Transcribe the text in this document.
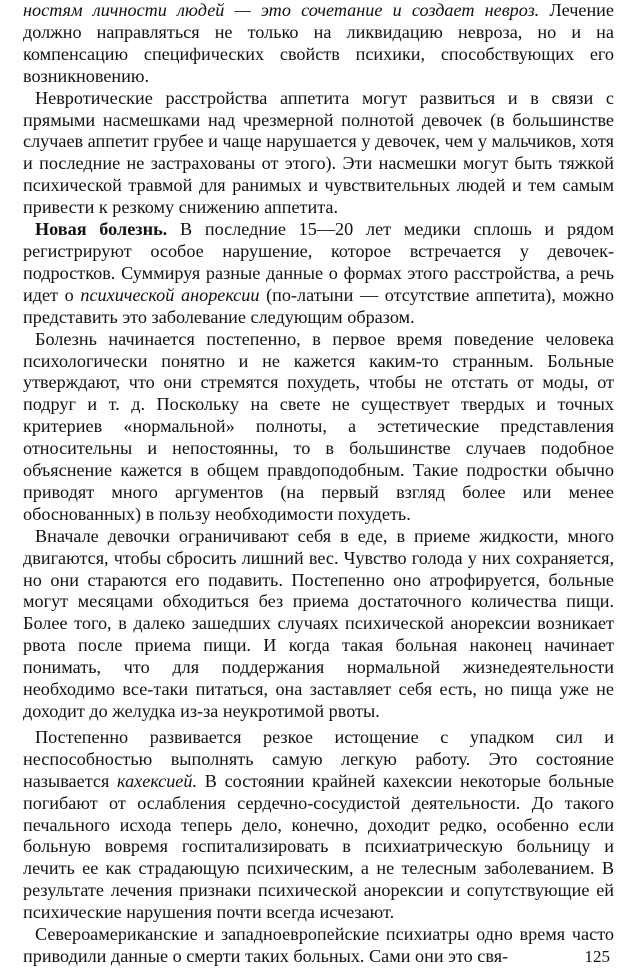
ностям личности людей — это сочетание и создает невроз. Лечение должно направляться не только на ликвидацию невроза, но и на компенсацию специфических свойств психики, способствующих его возникновению.

Невротические расстройства аппетита могут развиться и в связи с прямыми насмешками над чрезмерной полнотой девочек (в большинстве случаев аппетит грубее и чаще нарушается у девочек, чем у мальчиков, хотя и последние не застрахованы от этого). Эти насмешки могут быть тяжкой психической травмой для ранимых и чувствительных людей и тем самым привести к резкому снижению аппетита.

Новая болезнь. В последние 15—20 лет медики сплошь и рядом регистрируют особое нарушение, которое встречается у девочек-подростков. Суммируя разные данные о формах этого расстройства, а речь идет о психической анорексии (по-латыни — отсутствие аппетита), можно представить это заболевание следующим образом.

Болезнь начинается постепенно, в первое время поведение человека психологически понятно и не кажется каким-то странным. Больные утверждают, что они стремятся похудеть, чтобы не отстать от моды, от подруг и т. д. Поскольку на свете не существует твердых и точных критериев «нормальной» полноты, а эстетические представления относительны и непостоянны, то в большинстве случаев подобное объяснение кажется в общем правдоподобным. Такие подростки обычно приводят много аргументов (на первый взгляд более или менее обоснованных) в пользу необходимости похудеть.

Вначале девочки ограничивают себя в еде, в приеме жидкости, много двигаются, чтобы сбросить лишний вес. Чувство голода у них сохраняется, но они стараются его подавить. Постепенно оно атрофируется, больные могут месяцами обходиться без приема достаточного количества пищи. Более того, в далеко зашедших случаях психической анорексии возникает рвота после приема пищи. И когда такая больная наконец начинает понимать, что для поддержания нормальной жизнедеятельности необходимо все-таки питаться, она заставляет себя есть, но пища уже не доходит до желудка из-за неукротимой рвоты.

Постепенно развивается резкое истощение с упадком сил и неспособностью выполнять самую легкую работу. Это состояние называется кахексией. В состоянии крайней кахексии некоторые больные погибают от ослабления сердечно-сосудистой деятельности. До такого печального исхода теперь дело, конечно, доходит редко, особенно если больную вовремя госпитализировать в психиатрическую больницу и лечить ее как страдающую психическим, а не телесным заболеванием. В результате лечения признаки психической анорексии и сопутствующие ей психические нарушения почти всегда исчезают.

Североамериканские и западноевропейские психиатры одно время часто приводили данные о смерти таких больных. Сами они это свя-	125
